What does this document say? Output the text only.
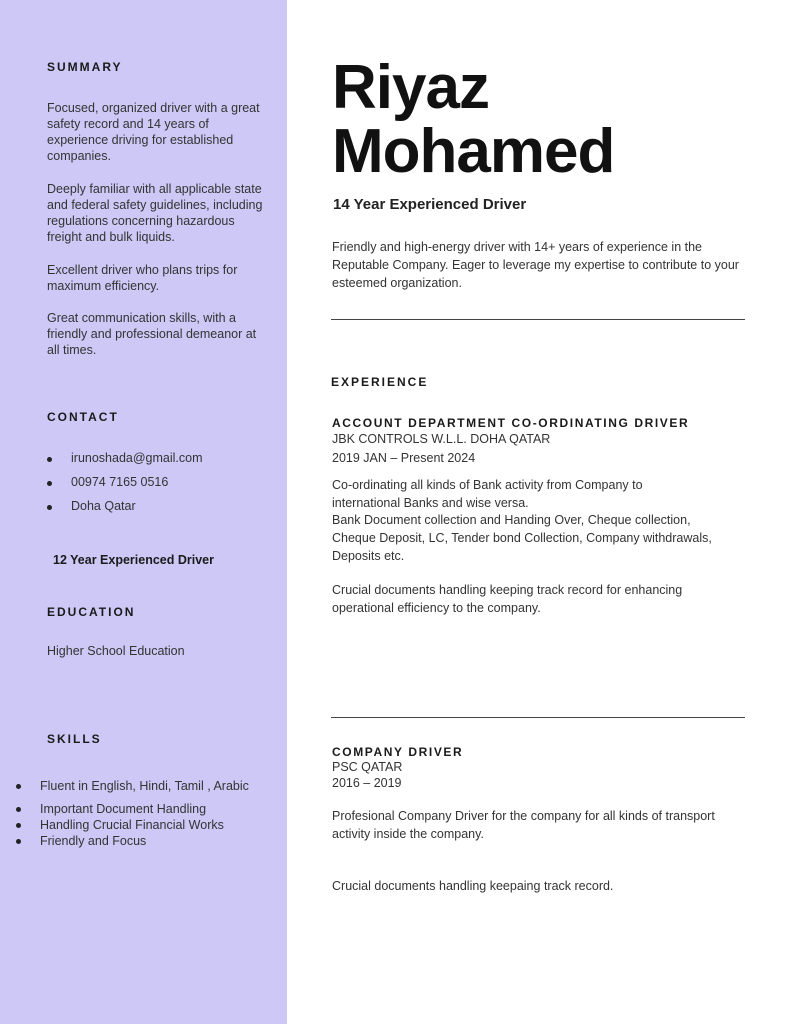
SUMMARY
Focused, organized driver with a great safety record and 14 years of experience driving for established companies.
Deeply familiar with all applicable state and federal safety guidelines, including regulations concerning hazardous freight and bulk liquids.
Excellent driver who plans trips for maximum efficiency.
Great communication skills, with a friendly and professional demeanor at all times.
CONTACT
irunoshada@gmail.com
00974 7165 0516
Doha Qatar
12 Year Experienced Driver
EDUCATION
Higher School Education
SKILLS
Fluent in English, Hindi, Tamil , Arabic
Important Document Handling
Handling Crucial Financial Works
Friendly and Focus
Riyaz
Mohamed
14 Year Experienced Driver
Friendly and high-energy driver with 14+ years of experience in the Reputable Company. Eager to leverage my expertise to contribute to your esteemed organization.
EXPERIENCE
ACCOUNT DEPARTMENT CO-ORDINATING DRIVER
JBK CONTROLS W.L.L. DOHA QATAR
2019 JAN – Present 2024
Co-ordinating all kinds of Bank activity from Company to international Banks and wise versa.
Bank Document collection and Handing Over, Cheque collection, Cheque Deposit, LC, Tender bond Collection, Company withdrawals, Deposits etc.
Crucial documents handling keeping track record for enhancing operational efficiency to the company.
COMPANY DRIVER
PSC QATAR
2016 – 2019
Profesional Company Driver for the company for all kinds of transport activity inside the company.
Crucial documents handling keepaing track record.
